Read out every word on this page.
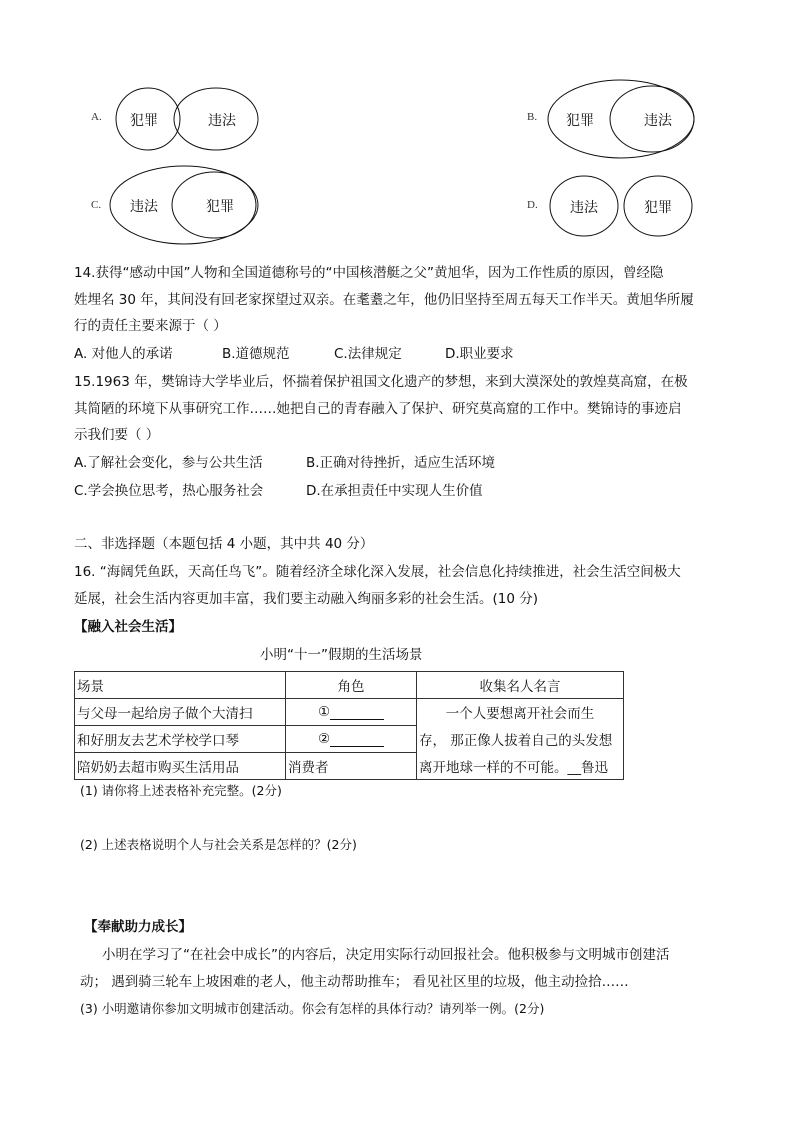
A. 犯罪	违法	B. 犯罪	违法
C. 违法	犯罪	D. 违法	犯罪
14.获得“感动中国”人物和全国道德称号的“中国核潜艇之父”黄旭华，因为工作性质的原因，曾经隐
姓埋名 30 年，其间没有回老家探望过双亲。在耄耋之年，他仍旧坚持至周五每天工作半天。黄旭华所履
行的责任主要来源于（ ）
A. 对他人的承诺	B.道德规范	C.法律规定	D.职业要求
15.1963 年，樊锦诗大学毕业后，怀揣着保护祖国文化遗产的梦想，来到大漠深处的敦煌莫高窟，在极
其简陋的环境下从事研究工作……她把自己的青春融入了保护、研究莫高窟的工作中。樊锦诗的事迹启
示我们要（ ）
A.了解社会变化，参与公共生活	B.正确对待挫折，适应生活环境
C.学会换位思考，热心服务社会	D.在承担责任中实现人生价值
二、非选择题（本题包括 4 小题，其中共 40 分）
16. “海阔凭鱼跃，天高任鸟飞”。随着经济全球化深入发展，社会信息化持续推进，社会生活空间极大
延展，社会生活内容更加丰富，我们要主动融入绚丽多彩的社会生活。(10 分)
【融入社会生活】
小明“十一”假期的生活场景
场景	角色	收集名人名言
与父母一起给房子做个大清扫	①	一个人要想离开社会而生
和好朋友去艺术学校学口琴	②	存， 那正像人拔着自己的头发想
陪奶奶去超市购买生活用品	消费者	离开地球一样的不可能。__鲁迅
(1) 请你将上述表格补充完整。(2分)
(2) 上述表格说明个人与社会关系是怎样的？(2分)
【奉献助力成长】
小明在学习了“在社会中成长”的内容后，决定用实际行动回报社会。他积极参与文明城市创建活
动； 遇到骑三轮车上坡困难的老人，他主动帮助推车； 看见社区里的垃圾，他主动捡拾……
(3) 小明邀请你参加文明城市创建活动。你会有怎样的具体行动？请列举一例。(2分)
